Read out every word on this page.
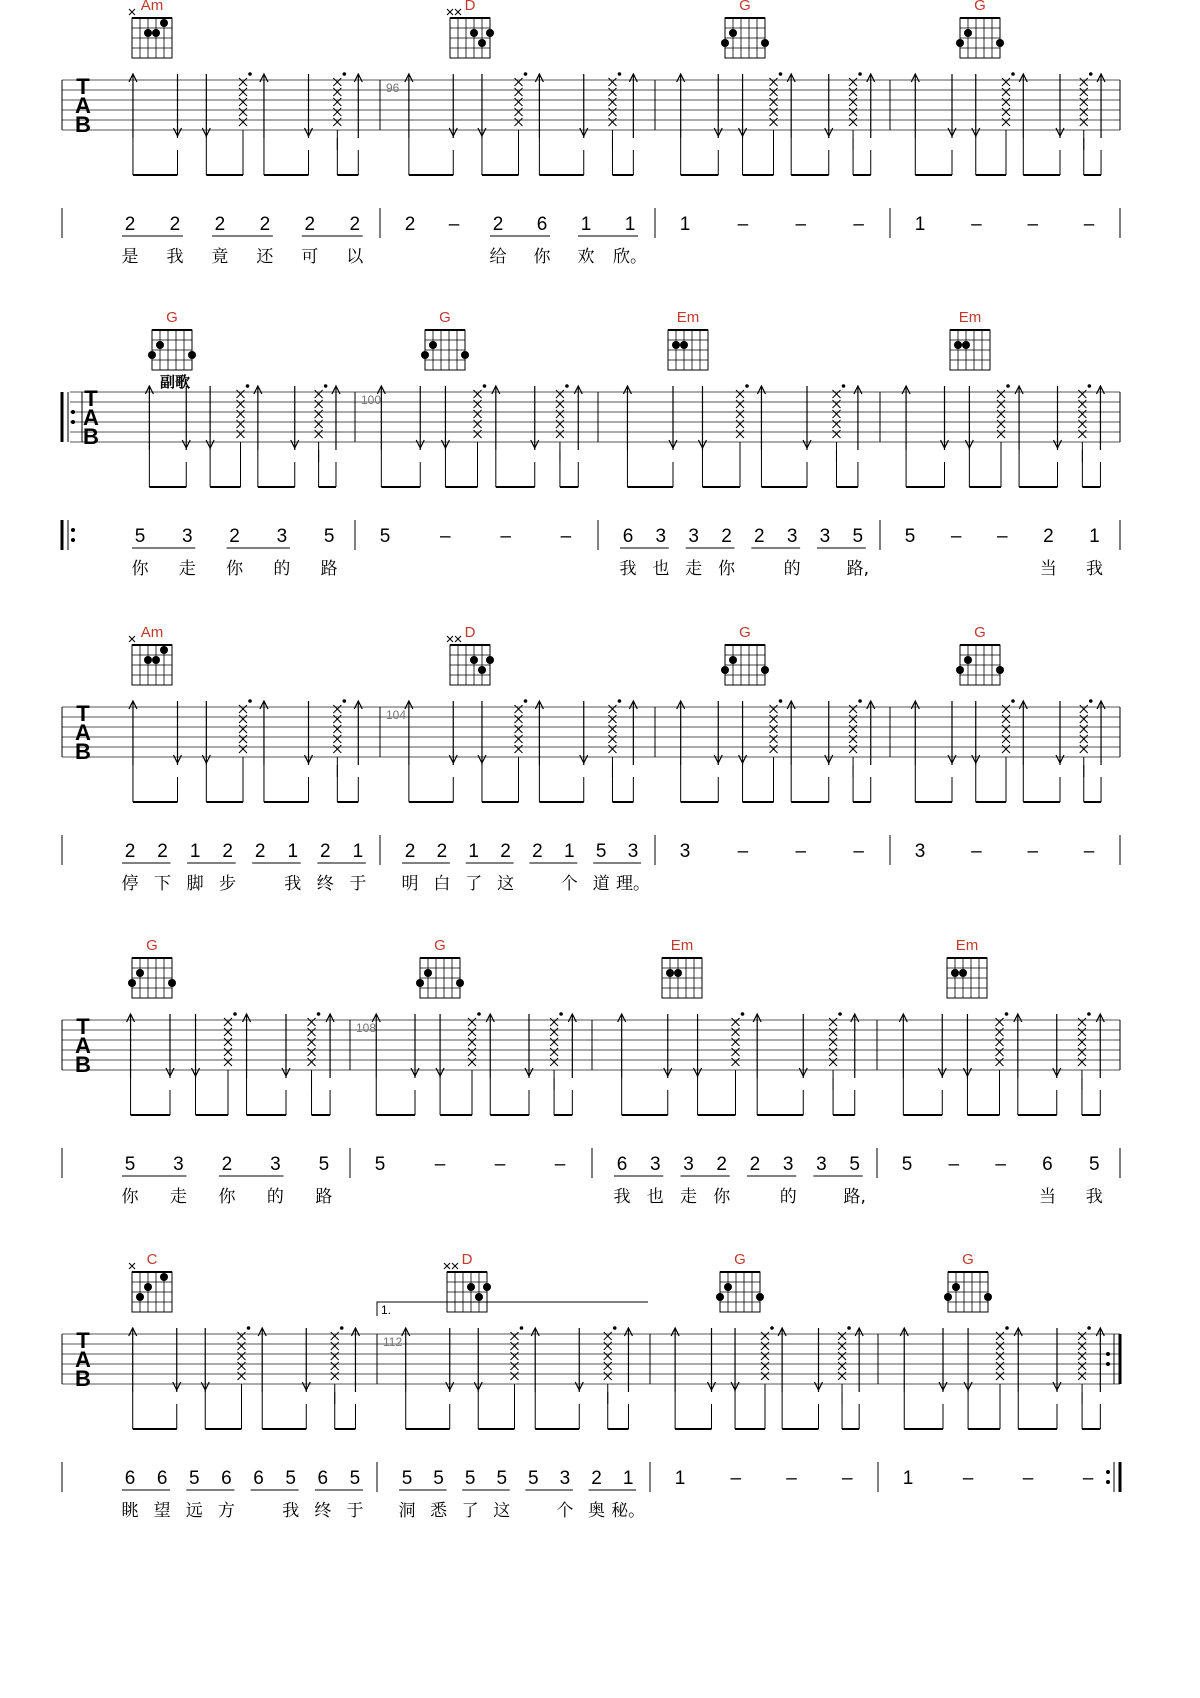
Am	D	G	G
T
A
B
96
2 2 2 2 2 2
是 我 竟 还 可 以
2 – 2 6 1 1
给 你 欢 欣。
1 – – –	1 – – –
G	G	Em	Em
副歌
T
A
B
100
5 3 2 3 5
你 走 你 的 路
5	–	–	–	6 3 3 2 2 3 3 5
我 也 走 你	的	路,
5 – – 2 1
当 我
Am	D	G	G
T
A
B
104
2 2 1 2 2 1 2 1
停 下 脚 步	我 终 于
2 2 1 2 2 1 5 3
明 白 了 这	个 道 理。
3 – – –	3 – – –
G	G	Em	Em
T
A
B
108
5 3 2 3 5
你 走 你 的 路
5	–	–	–	6 3 3 2 2 3 3 5
我 也 走 你	的	路,
5 – – 6 5
当 我
C	D	G	G
T
A
B
112
1.
6 6 5 6 6 5 6 5
眺 望 远 方	我 终 于
5 5 5 5 5 3 2 1
洞 悉 了 这	个 奥 秘。
1 – – –	1	–	–	–
